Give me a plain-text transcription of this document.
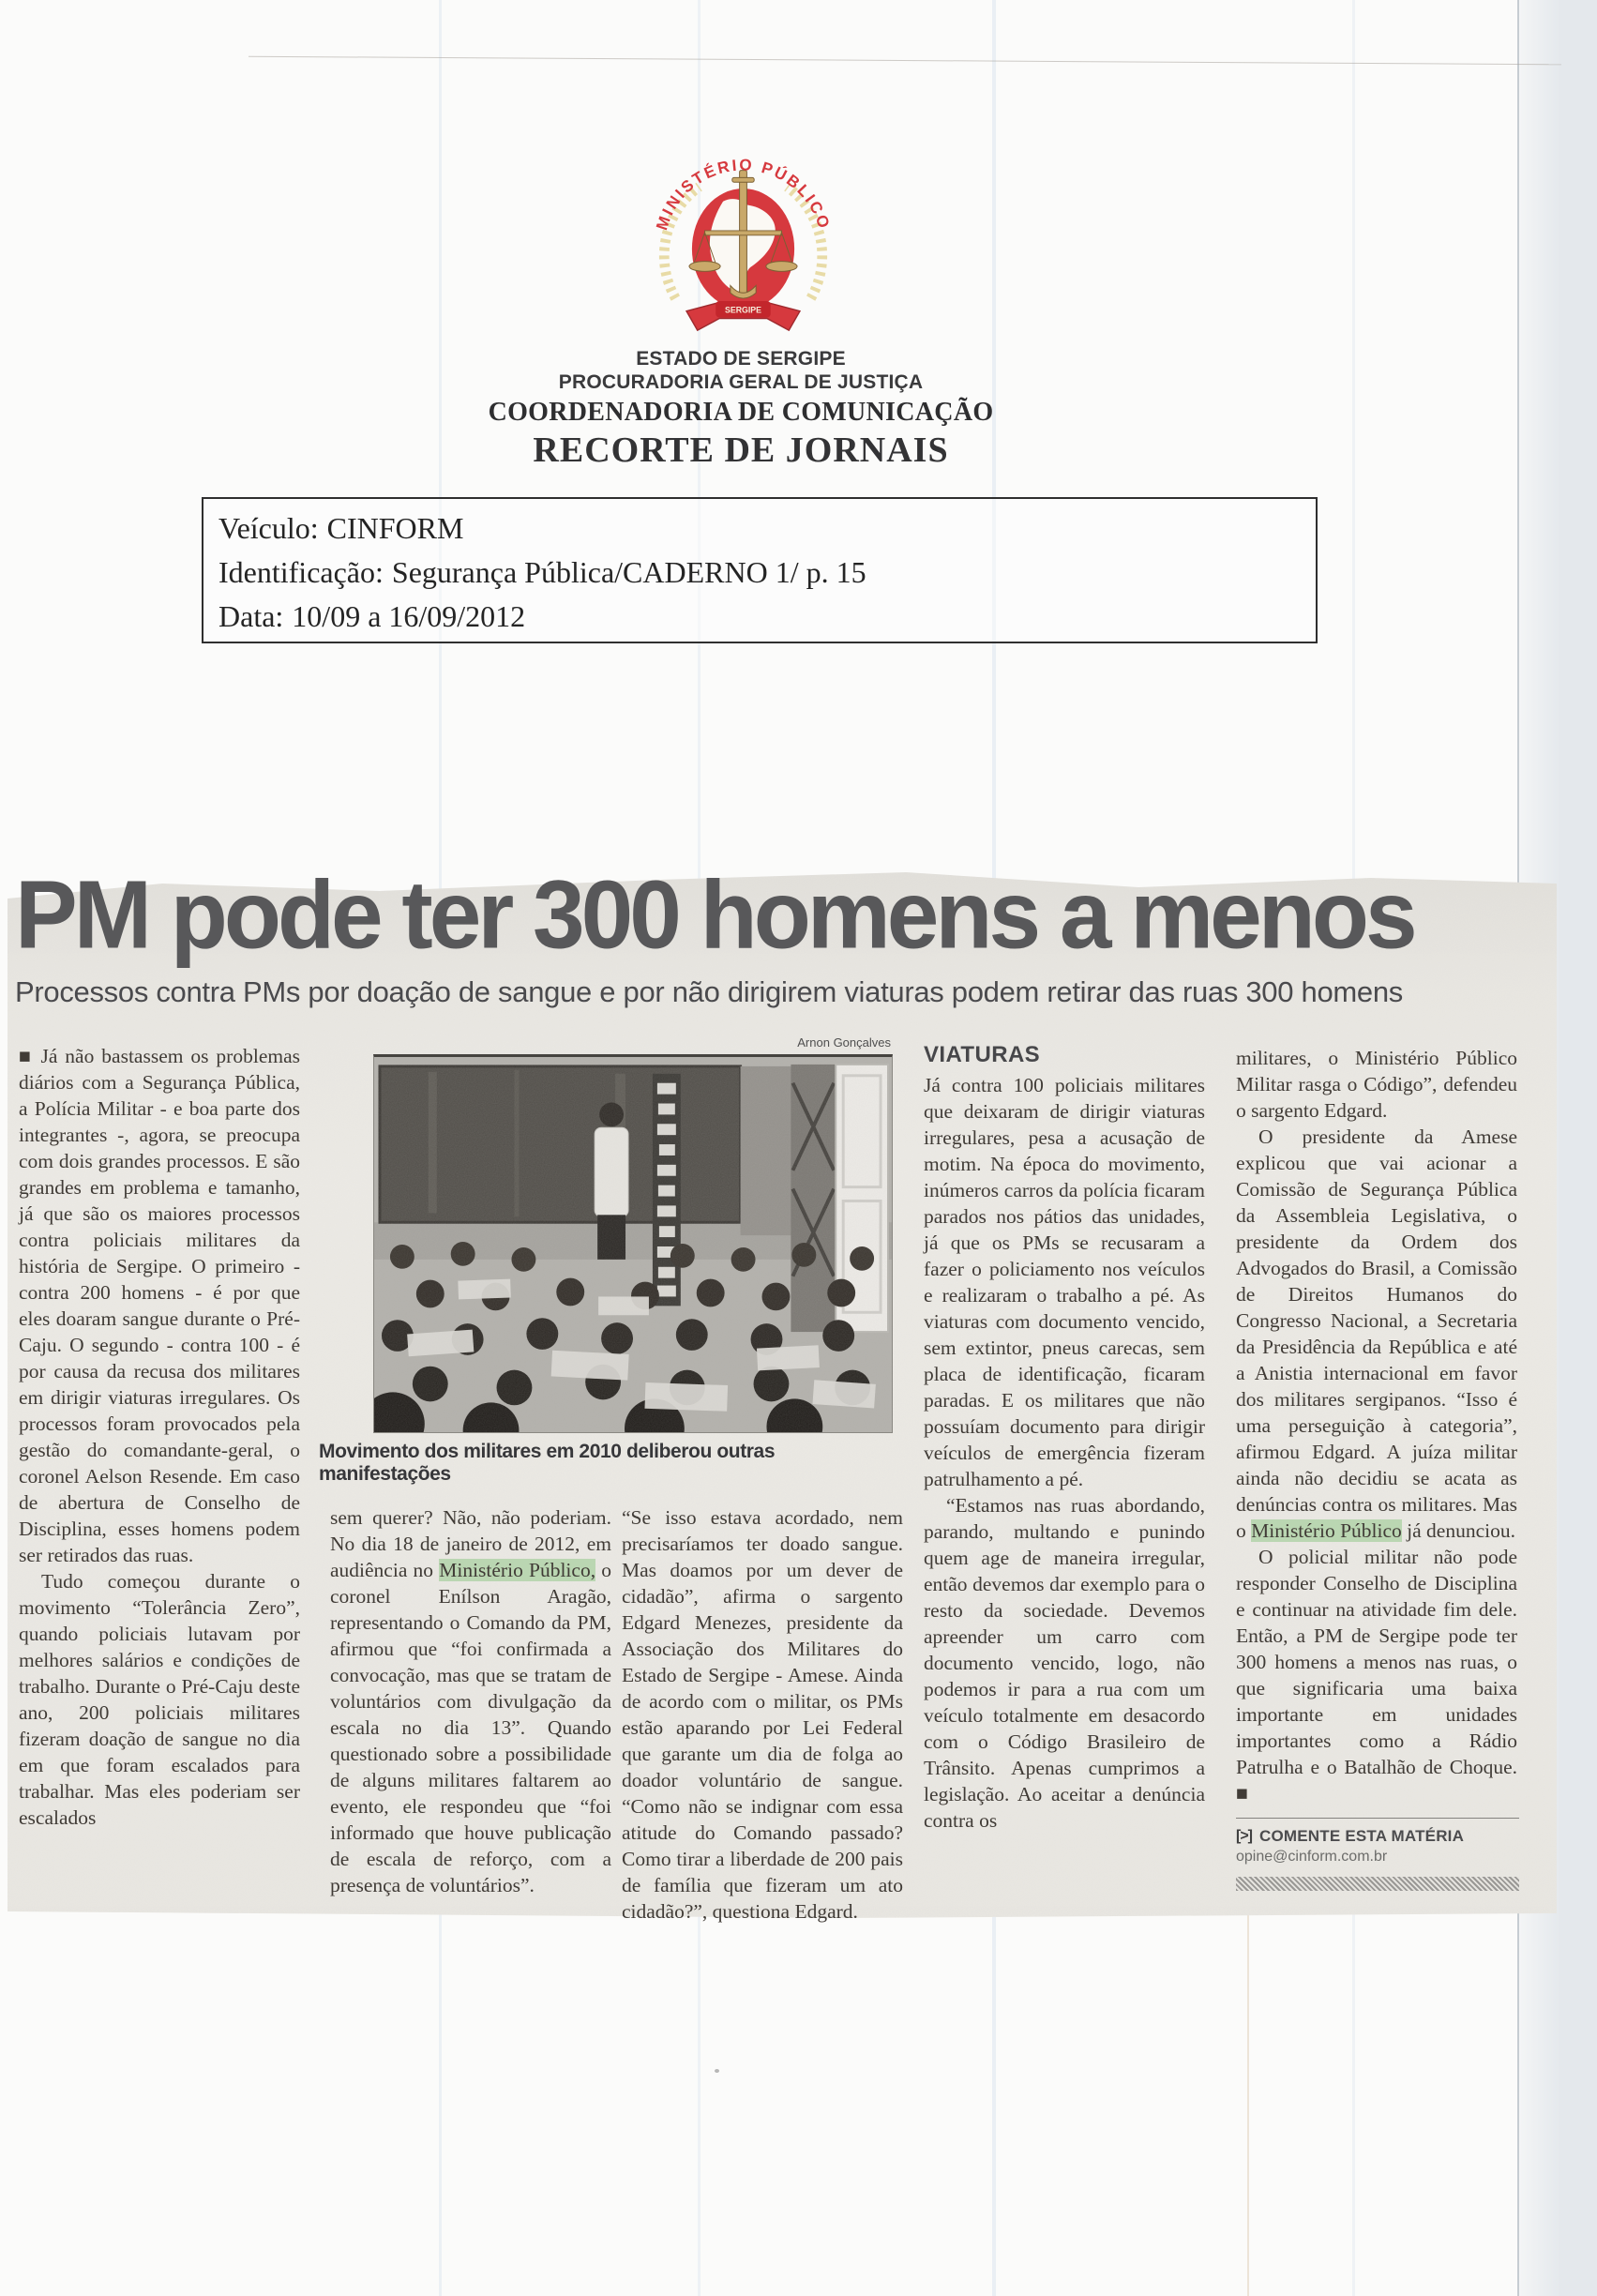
SERGIPE
MINISTÉRIO PÚBLICO
ESTADO DE SERGIPE
PROCURADORIA GERAL DE JUSTIÇA
COORDENADORIA DE COMUNICAÇÃO
RECORTE DE JORNAIS
Veículo: CINFORM
Identificação: Segurança Pública/CADERNO 1/ p. 15
Data: 10/09 a 16/09/2012
PM pode ter 300 homens a menos
Processos contra PMs por doação de sangue e por não dirigirem viaturas podem retirar das ruas 300 homens
Arnon Gonçalves
Movimento dos militares em 2010 deliberou outras manifestações

■ Já não bastassem os problemas diários com a Segurança Pública, a Polícia Militar - e boa parte dos integrantes -, agora, se preocupa com dois grandes processos. E são grandes em problema e tamanho, já que são os maiores processos contra policiais militares da história de Sergipe. O primeiro - contra 200 homens - é por que eles doaram sangue durante o Pré-Caju. O segundo - contra 100 - é por causa da recusa dos militares em dirigir viaturas irregulares. Os processos foram provocados pela gestão do comandante-geral, o coronel Aelson Resende. Em caso de abertura de Conselho de Disciplina, esses homens podem ser retirados das ruas.

Tudo começou durante o movimento “Tolerância Zero”, quando policiais lutavam por melhores salários e condições de trabalho. Durante o Pré-Caju deste ano, 200 policiais militares fizeram doação de sangue no dia em que foram escalados para trabalhar. Mas eles poderiam ser escalados

sem querer? Não, não poderiam. No dia 18 de janeiro de 2012, em audiência no Ministério Público, o coronel Enílson Aragão, representando o Comando da PM, afirmou que “foi confirmada a convocação, mas que se tratam de voluntários com divulgação da escala no dia 13”. Quando questionado sobre a possibilidade de alguns militares faltarem ao evento, ele respondeu que “foi informado que houve publicação de escala de reforço, com a presença de voluntários”.

“Se isso estava acordado, nem precisaríamos ter doado sangue. Mas doamos por um dever de cidadão”, afirma o sargento Edgard Menezes, presidente da Associação dos Militares do Estado de Sergipe - Amese. Ainda de acordo com o militar, os PMs estão aparando por Lei Federal que garante um dia de folga ao doador voluntário de sangue. “Como não se indignar com essa atitude do Comando passado? Como tirar a liberdade de 200 pais de família que fizeram um ato cidadão?”, questiona Edgard.

VIATURAS

Já contra 100 policiais militares que deixaram de dirigir viaturas irregulares, pesa a acusação de motim. Na época do movimento, inúmeros carros da polícia ficaram parados nos pátios das unidades, já que os PMs se recusaram a fazer o policiamento nos veículos e realizaram o trabalho a pé. As viaturas com documento vencido, sem extintor, pneus carecas, sem placa de identificação, ficaram paradas. E os militares que não possuíam documento para dirigir veículos de emergência fizeram patrulhamento a pé.

“Estamos nas ruas abordando, parando, multando e punindo quem age de maneira irregular, então devemos dar exemplo para o resto da sociedade. Devemos apreender um carro com documento vencido, logo, não podemos ir para a rua com um veículo totalmente em desacordo com o Código Brasileiro de Trânsito. Apenas cumprimos a legislação. Ao aceitar a denúncia contra os

militares, o Ministério Público Militar rasga o Código”, defendeu o sargento Edgard.

O presidente da Amese explicou que vai acionar a Comissão de Segurança Pública da Assembleia Legislativa, o presidente da Ordem dos Advogados do Brasil, a Comissão de Direitos Humanos do Congresso Nacional, a Secretaria da Presidência da República e até a Anistia internacional em favor dos militares sergipanos. “Isso é uma perseguição à categoria”, afirmou Edgard. A juíza militar ainda não decidiu se acata as denúncias contra os militares. Mas o Ministério Público já denunciou.

O policial militar não pode responder Conselho de Disciplina e continuar na atividade fim dele. Então, a PM de Sergipe pode ter 300 homens a menos nas ruas, o que significaria uma baixa importante em unidades importantes como a Rádio Patrulha e o Batalhão de Choque. ■

[>] COMENTE ESTA MATÉRIA
opine@cinform.com.br
